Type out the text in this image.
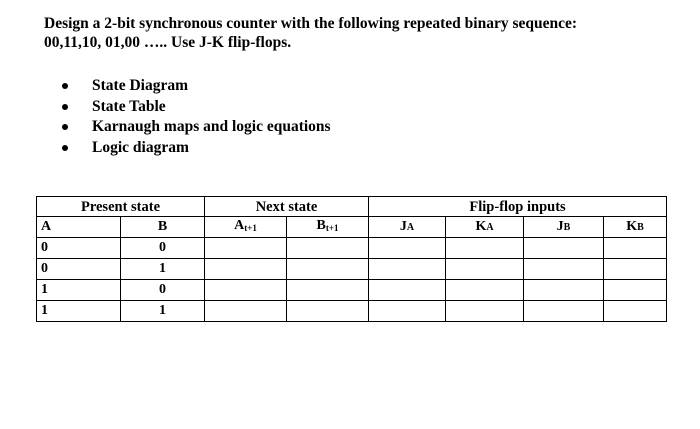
Design a 2-bit synchronous counter with the following repeated binary sequence:
00,11,10, 01,00 ….. Use J-K flip-flops.
State Diagram
State Table
Karnaugh maps and logic equations
Logic diagram
Present state		Next state		Flip-flop inputs			
A	B	$A_{t+1}$	$B_{t+1}$	JA	KA	JB	KB
0	0						
0	1						
1	0						
1	1						
